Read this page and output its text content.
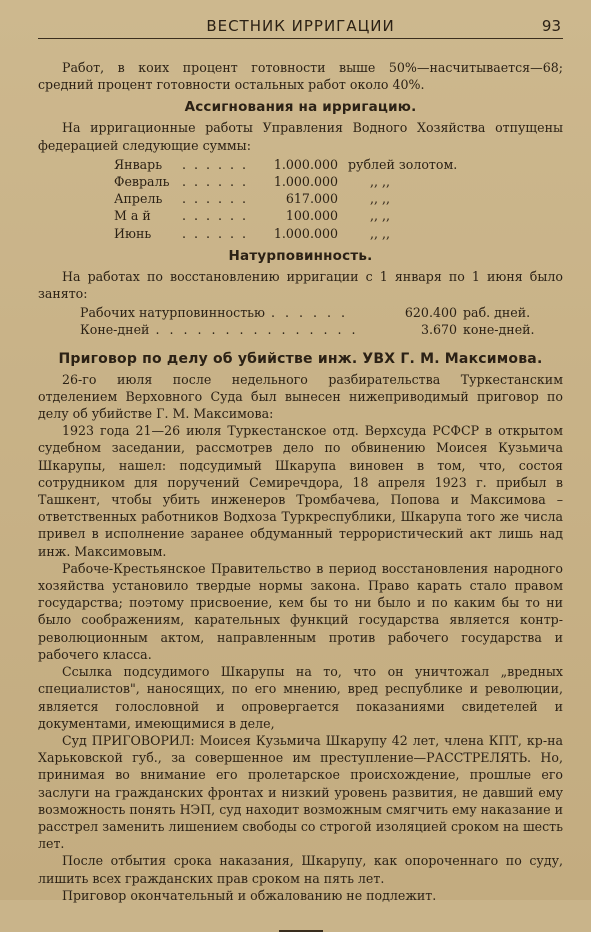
ВЕСТНИК ИРРИГАЦИИ	93

Работ, в коих процент готовности выше 50%—насчитывается—68; средний процент готовности остальных работ около 40%.

Ассигнования на ирригацию.

На ирригационные работы Управления Водного Хозяйства отпущены федерацией следующие суммы:

Январь	. . . . . .	1.000.000 рублей золотом.
Февраль . . . . . .	1.000.000	,, ,,
Апрель	. . . . . .	617.000	,, ,,
М а й	. . . . . .	100.000	,, ,,
Июнь	. . . . . .	1.000.000	,, ,,
Натурповинность.

На работах по восстановлению ирригации с 1 января по 1 июня было занято:

Рабочих натурповинностью . . . . . .	620.400 раб. дней.
Коне-дней . . . . . . . . . . . . . . .	3.670 коне-дней.
Приговор по делу об убийстве инж. УВХ Г. М. Максимова.

26-го июля после недельного разбирательства Туркестанским отделением Верховного Суда был вынесен нижеприводимый приговор по делу об убийстве Г. М. Максимова:

1923 года 21—26 июля Туркестанское отд. Верхсуда РСФСР в открытом судебном заседании, рассмотрев дело по обвинению Моисея Кузьмича Шкарупы, нашел: подсудимый Шкарупа виновен в том, что, состоя сотрудником для поручений Семиречдора, 18 апреля 1923 г. прибыл в Ташкент, чтобы убить инженеров Тромбачева, Попова и Максимова – ответственных работников Водхоза Туркреспублики, Шкарупа того же числа привел в исполнение заранее обдуманный террористический акт лишь над инж. Максимовым.

Рабоче-Крестьянское Правительство в период восстановления народного хозяйства установило твердые нормы закона. Право карать стало правом государства; поэтому присвоение, кем бы то ни было и по каким бы то ни было соображениям, карательных функций государства является контр-революционным актом, направленным против рабочего государства и рабочего класса.

Ссылка подсудимого Шкарупы на то, что он уничтожал „вредных специалистов", наносящих, по его мнению, вред республике и революции, является голословной и опровергается показаниями свидетелей и документами, имеющимися в деле,

Суд ПРИГОВОРИЛ: Моисея Кузьмича Шкарупу 42 лет, члена КПТ, кр-на Харьковской губ., за совершенное им преступление—РАССТРЕЛЯТЬ. Но, принимая во внимание его пролетарское происхождение, прошлые его заслуги на гражданских фронтах и низкий уровень развития, не давший ему возможность понять НЭП, суд находит возможным смягчить ему наказание и расстрел заменить лишением свободы со строгой изоляцией сроком на шесть лет.

После отбытия срока наказания, Шкарупу, как опороченнаго по суду, лишить всех гражданских прав сроком на пять лет.

Приговор окончательный и обжалованию не подлежит.
